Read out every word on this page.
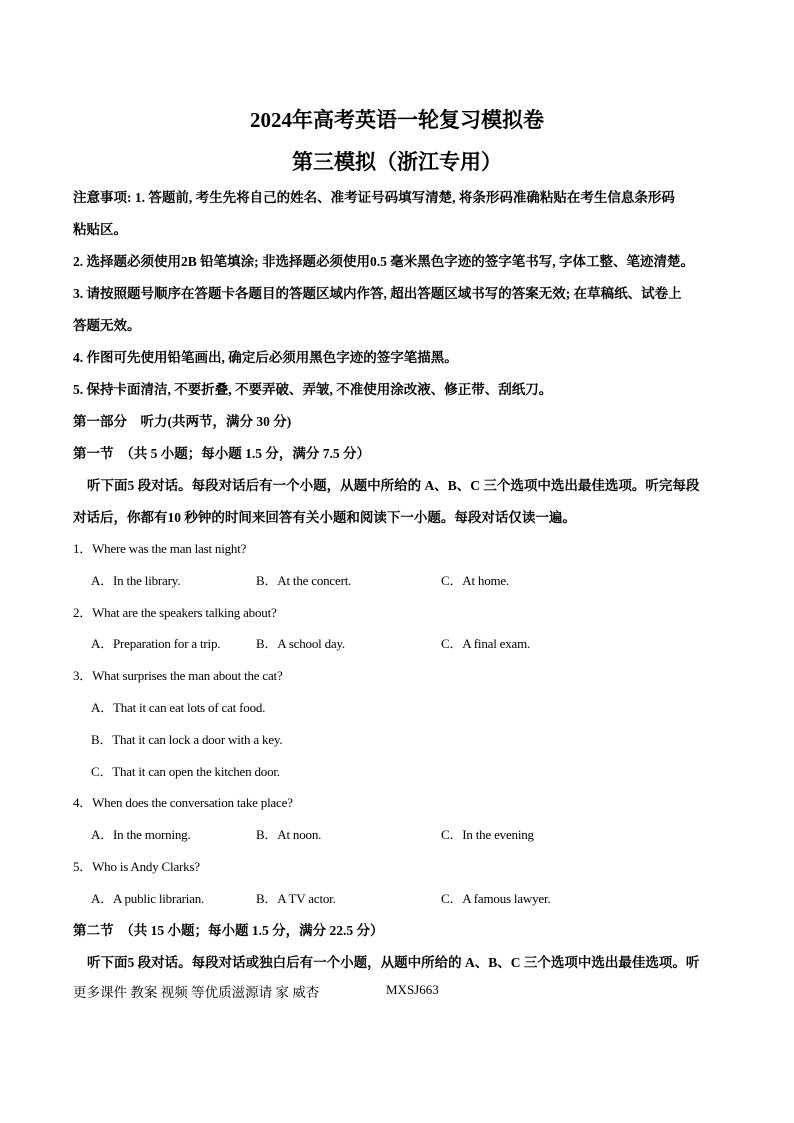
2024年高考英语一轮复习模拟卷
第三模拟（浙江专用）
注意事项: 1. 答题前, 考生先将自己的姓名、准考证号码填写清楚, 将条形码准确粘贴在考生信息条形码
粘贴区。
2. 选择题必须使用2B 铅笔填涂; 非选择题必须使用0.5 毫米黑色字迹的签字笔书写, 字体工整、笔迹清楚。
3. 请按照题号顺序在答题卡各题目的答题区域内作答, 超出答题区域书写的答案无效; 在草稿纸、试卷上
答题无效。
4. 作图可先使用铅笔画出, 确定后必须用黑色字迹的签字笔描黑。
5. 保持卡面清洁, 不要折叠, 不要弄破、弄皱, 不准使用涂改液、修正带、刮纸刀。
第一部分　听力(共两节，满分 30 分)
第一节　（共 5 小题；每小题 1.5 分，满分 7.5 分）
听下面5 段对话。每段对话后有一个小题，从题中所给的 A、B、C 三个选项中选出最佳选项。听完每段
对话后，你都有10 秒钟的时间来回答有关小题和阅读下一小题。每段对话仅读一遍。
1．Where was the man last night?
A．In the library.	B．At the concert.	C．At home.
2．What are the speakers talking about?
A．Preparation for a trip.	B．A school day.	C．A final exam.
3．What surprises the man about the cat?
A．That it can eat lots of cat food.
B．That it can lock a door with a key.
C．That it can open the kitchen door.
4．When does the conversation take place?
A．In the morning.	B．At noon.	C．In the evening
5．Who is Andy Clarks?
A．A public librarian.	B．A TV actor.	C．A famous lawyer.
第二节　（共 15 小题；每小题 1.5 分，满分 22.5 分）
听下面5 段对话。每段对话或独白后有一个小题，从题中所给的 A、B、C 三个选项中选出最佳选项。听
更多课件 教案 视频 等优质滋源请 家 威杏	MXSJ663
